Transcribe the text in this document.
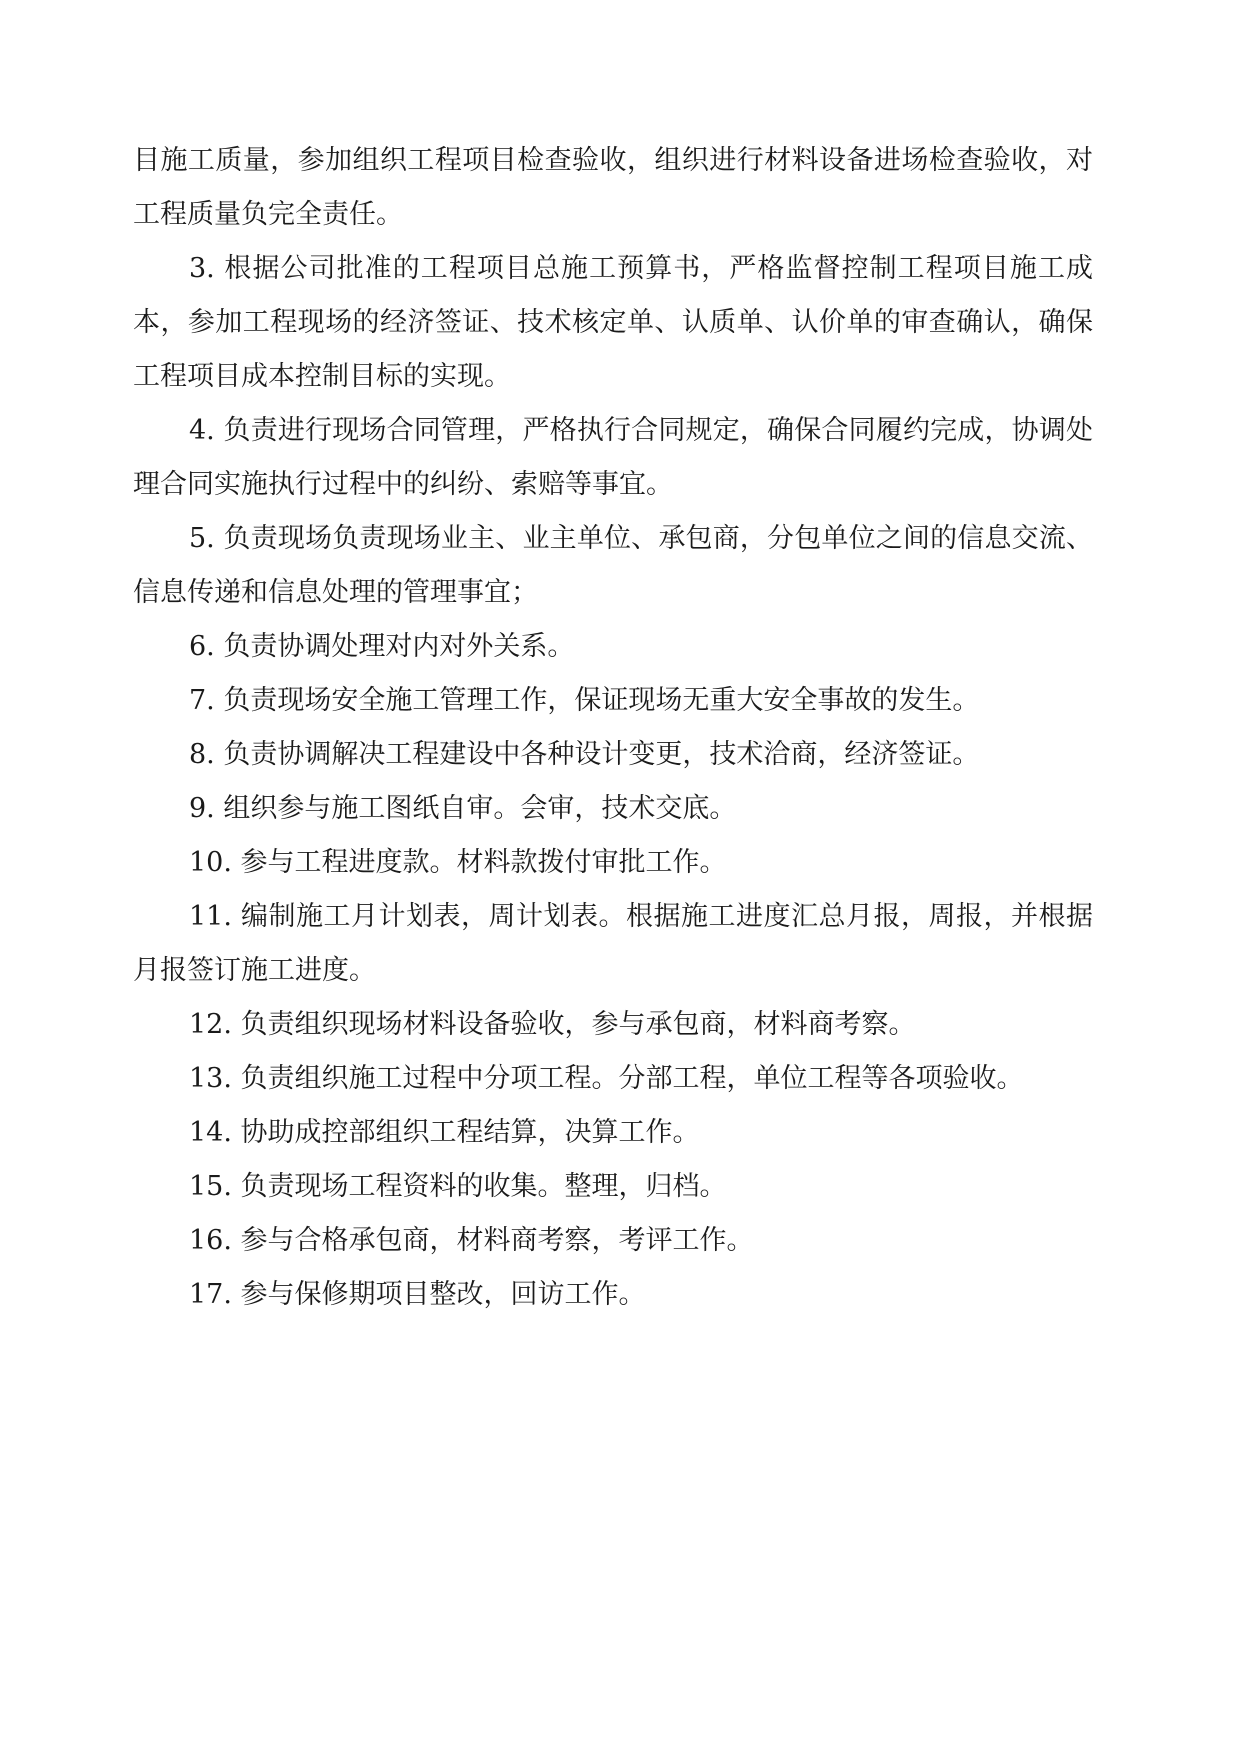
目施工质量，参加组织工程项目检查验收，组织进行材料设备进场检查验收，对工程质量负完全责任。

3. 根据公司批准的工程项目总施工预算书，严格监督控制工程项目施工成本，参加工程现场的经济签证、技术核定单、认质单、认价单的审查确认，确保工程项目成本控制目标的实现。

4. 负责进行现场合同管理，严格执行合同规定，确保合同履约完成，协调处理合同实施执行过程中的纠纷、索赔等事宜。

5. 负责现场负责现场业主、业主单位、承包商，分包单位之间的信息交流、信息传递和信息处理的管理事宜；

6. 负责协调处理对内对外关系。

7. 负责现场安全施工管理工作，保证现场无重大安全事故的发生。

8. 负责协调解决工程建设中各种设计变更，技术洽商，经济签证。

9. 组织参与施工图纸自审。会审，技术交底。

10. 参与工程进度款。材料款拨付审批工作。

11. 编制施工月计划表，周计划表。根据施工进度汇总月报，周报，并根据月报签订施工进度。

12. 负责组织现场材料设备验收，参与承包商，材料商考察。

13. 负责组织施工过程中分项工程。分部工程，单位工程等各项验收。

14. 协助成控部组织工程结算，决算工作。

15. 负责现场工程资料的收集。整理，归档。

16. 参与合格承包商，材料商考察，考评工作。

17. 参与保修期项目整改，回访工作。
